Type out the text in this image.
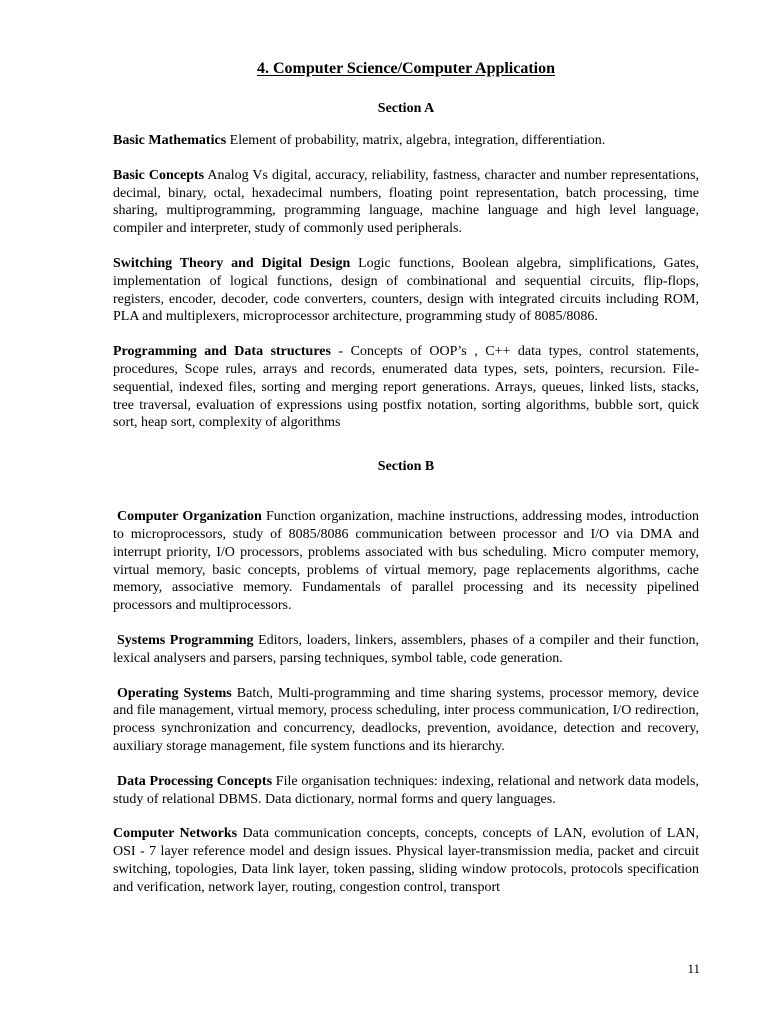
4. Computer Science/Computer Application
Section A

Basic Mathematics Element of probability, matrix, algebra, integration, differentiation.

Basic Concepts Analog Vs digital, accuracy, reliability, fastness, character and number representations, decimal, binary, octal, hexadecimal numbers, floating point representation, batch processing, time sharing, multiprogramming, programming language, machine language and high level language, compiler and interpreter, study of commonly used peripherals.

Switching Theory and Digital Design Logic functions, Boolean algebra, simplifications, Gates, implementation of logical functions, design of combinational and sequential circuits, flip-flops, registers, encoder, decoder, code converters, counters, design with integrated circuits including ROM, PLA and multiplexers, microprocessor architecture, programming study of 8085/8086.

Programming and Data structures - Concepts of OOP’s , C++ data types, control statements, procedures, Scope rules, arrays and records, enumerated data types, sets, pointers, recursion. File-sequential, indexed files, sorting and merging report generations. Arrays, queues, linked lists, stacks, tree traversal, evaluation of expressions using postfix notation, sorting algorithms, bubble sort, quick sort, heap sort, complexity of algorithms

Section B

Computer Organization Function organization, machine instructions, addressing modes, introduction to microprocessors, study of 8085/8086 communication between processor and I/O via DMA and interrupt priority, I/O processors, problems associated with bus scheduling. Micro computer memory, virtual memory, basic concepts, problems of virtual memory, page replacements algorithms, cache memory, associative memory. Fundamentals of parallel processing and its necessity pipelined processors and multiprocessors.

Systems Programming Editors, loaders, linkers, assemblers, phases of a compiler and their function, lexical analysers and parsers, parsing techniques, symbol table, code generation.

Operating Systems Batch, Multi-programming and time sharing systems, processor memory, device and file management, virtual memory, process scheduling, inter process communication, I/O redirection, process synchronization and concurrency, deadlocks, prevention, avoidance, detection and recovery, auxiliary storage management, file system functions and its hierarchy.

Data Processing Concepts File organisation techniques: indexing, relational and network data models, study of relational DBMS. Data dictionary, normal forms and query languages.

Computer Networks Data communication concepts, concepts, concepts of LAN, evolution of LAN, OSI - 7 layer reference model and design issues. Physical layer-transmission media, packet and circuit switching, topologies, Data link layer, token passing, sliding window protocols, protocols specification and verification, network layer, routing, congestion control, transport

11
